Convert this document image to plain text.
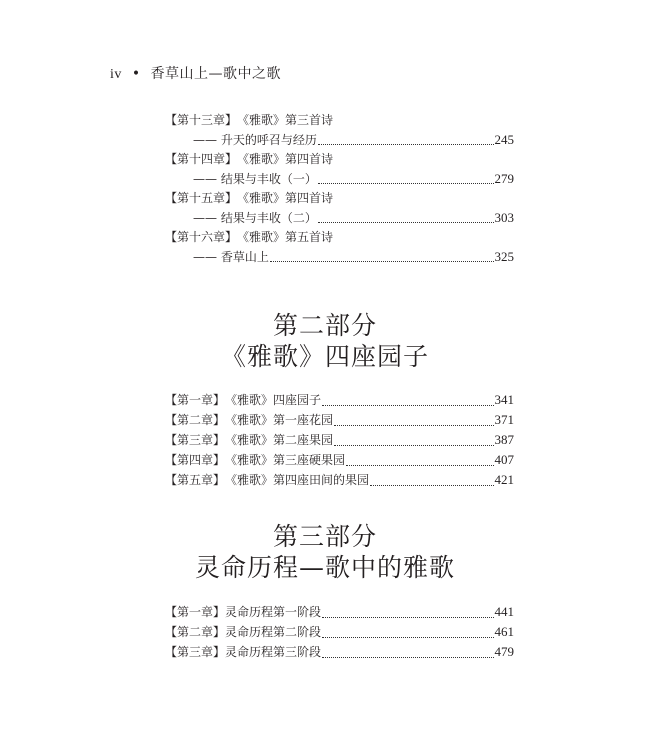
iv • 香草山上—歌中之歌
【第十三章】 《雅歌》第三首诗
—— 升天的呼召与经历	245
【第十四章】 《雅歌》第四首诗
—— 结果与丰收（一）	279
【第十五章】 《雅歌》第四首诗
—— 结果与丰收（二）	303
【第十六章】 《雅歌》第五首诗
—— 香草山上	325
第二部分
《雅歌》四座园子
【第一章】 《雅歌》四座园子	341
【第二章】 《雅歌》第一座花园	371
【第三章】 《雅歌》第二座果园	387
【第四章】 《雅歌》第三座硬果园	407
【第五章】 《雅歌》第四座田间的果园	421
第三部分
灵命历程—歌中的雅歌
【第一章】 灵命历程第一阶段	441
【第二章】 灵命历程第二阶段	461
【第三章】 灵命历程第三阶段	479
